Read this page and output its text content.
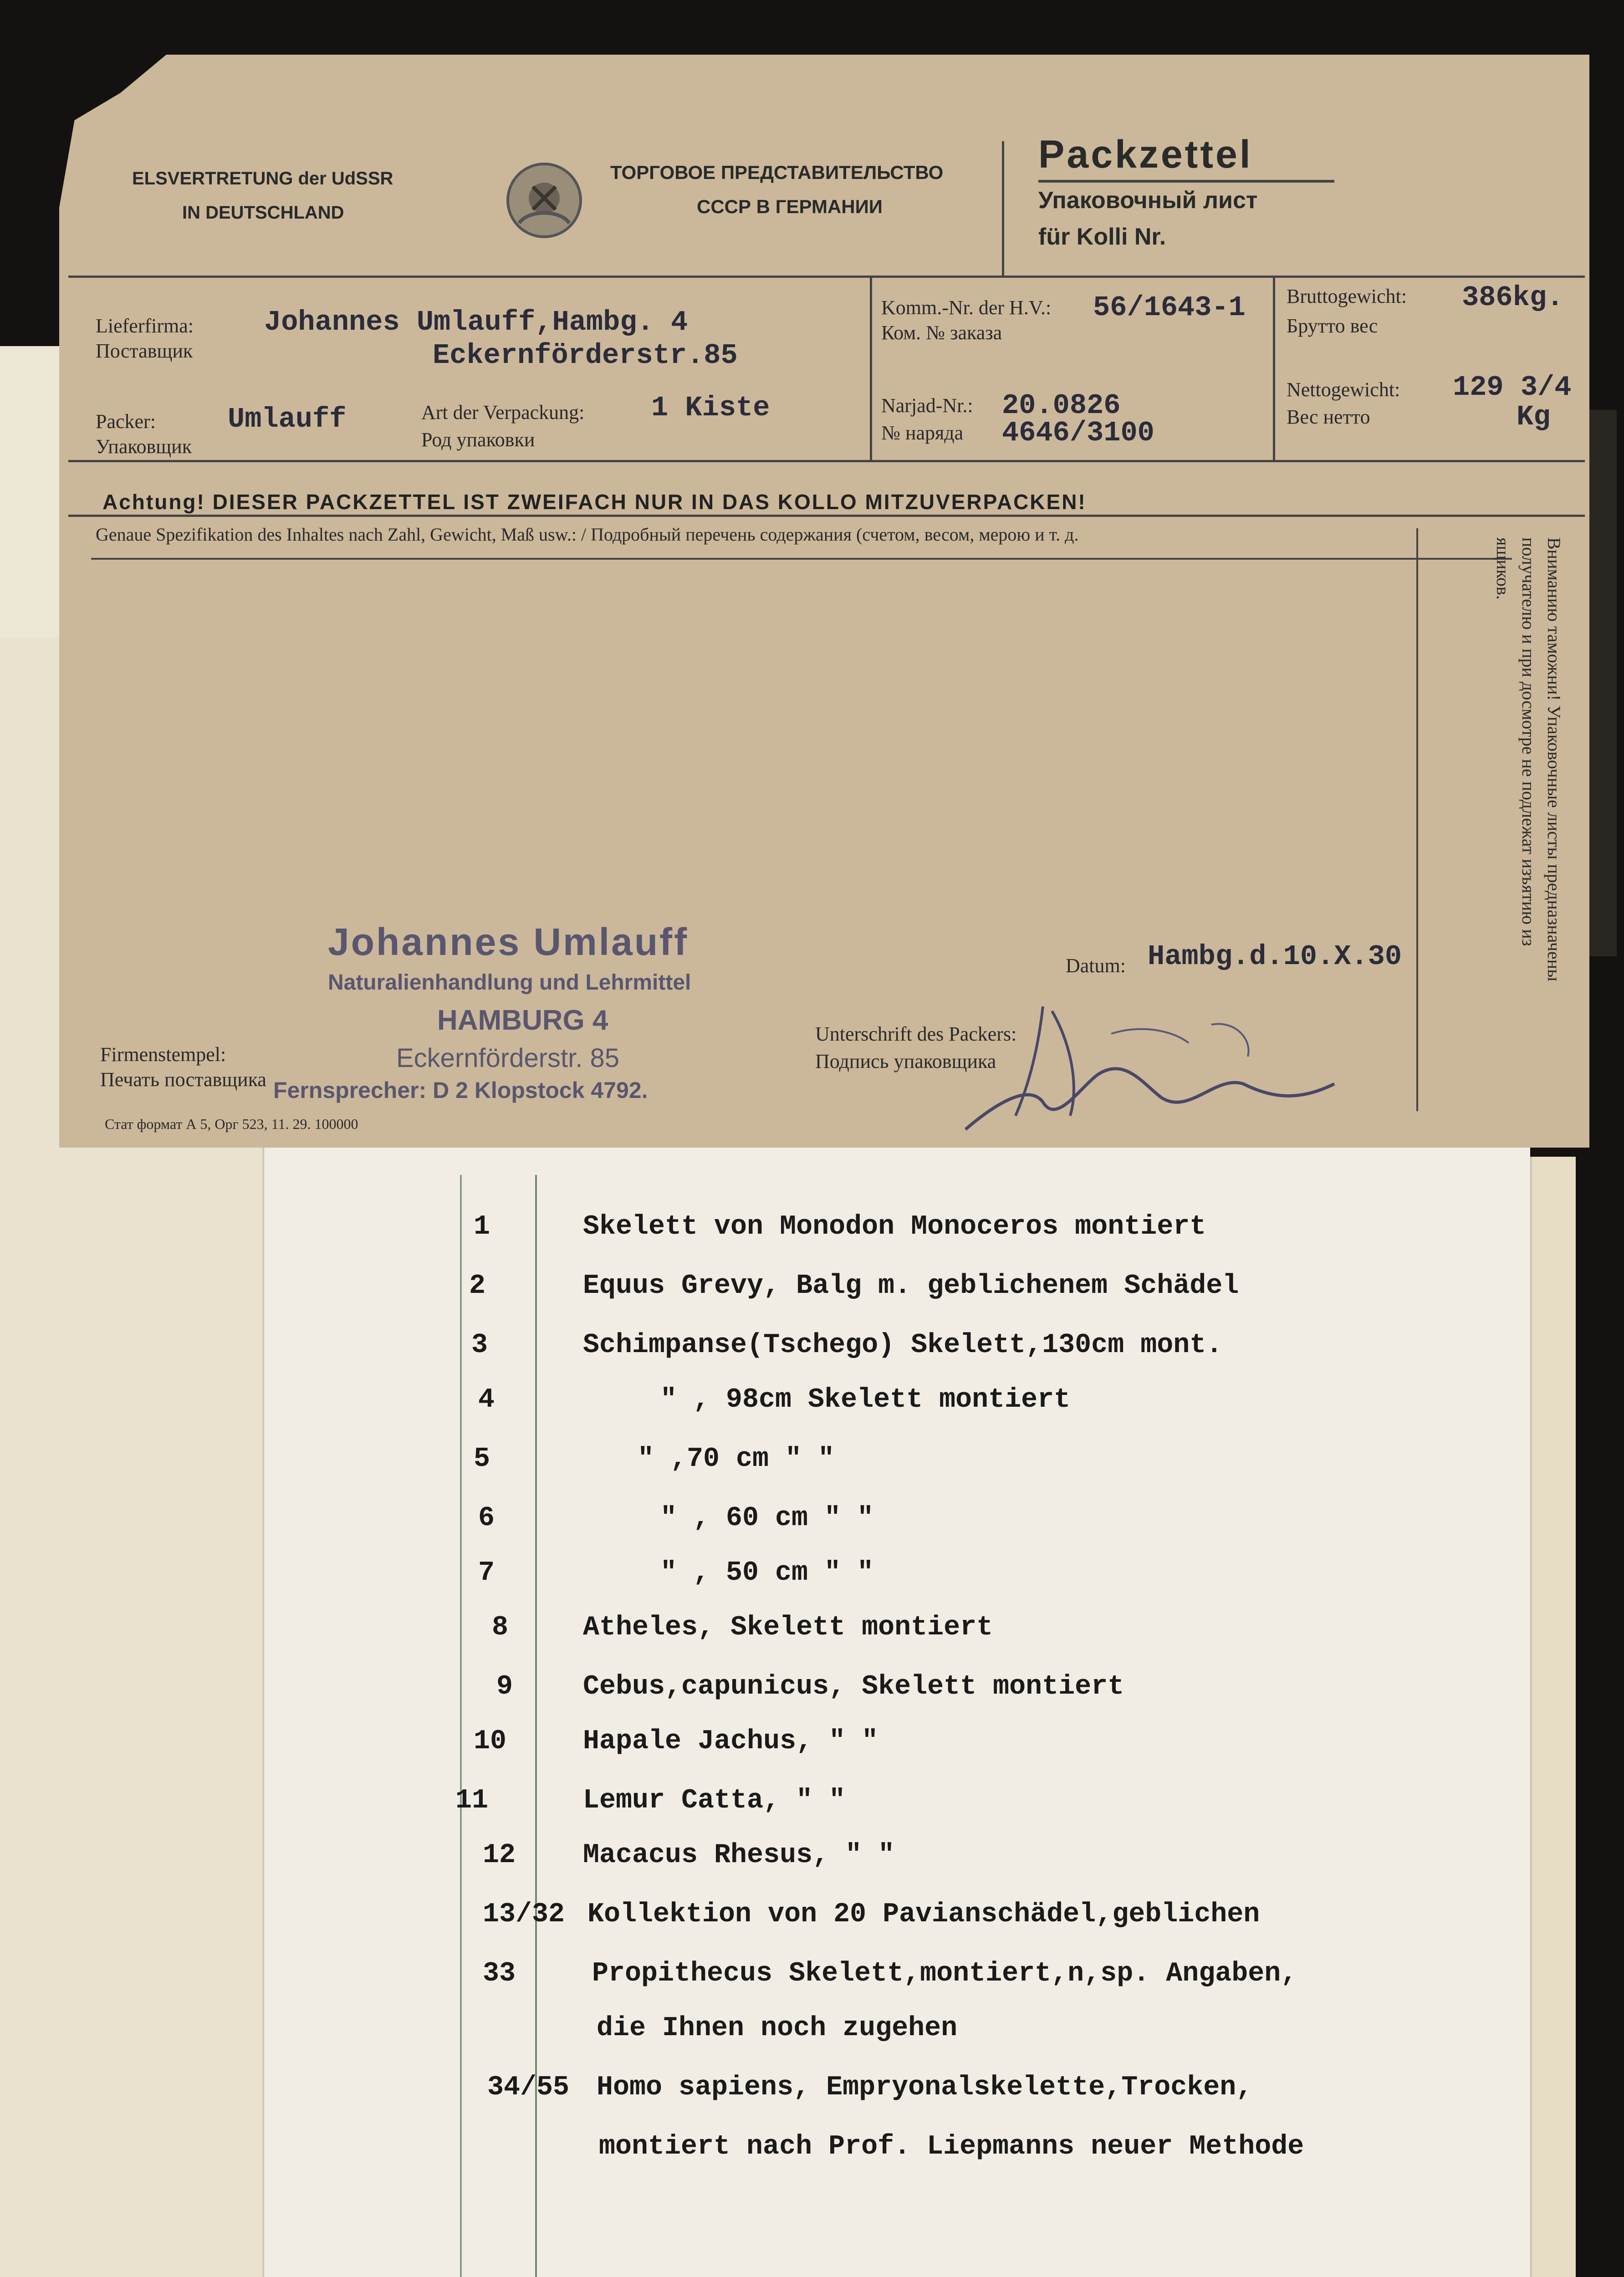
1	Skelett von Monodon Monoceros montiert
2	Equus Grevy, Balg m. geblichenem Schädel
3	Schimpanse(Tschego) Skelett,130cm mont.
4	" , 98cm Skelett montiert
5	" ,70 cm " "
6	" , 60 cm " "
7	" , 50 cm " "
8	Atheles, Skelett montiert
9	Cebus,capunicus, Skelett montiert
10	Hapale Jachus, " "
11	Lemur Catta, " "
12 Macacus Rhesus, " "
13/32 Kollektion von 20 Pavianschädel,geblichen
33	Propithecus Skelett,montiert,n,sp. Angaben,
die Ihnen noch zugehen
34/55 Homo sapiens, Empryonalskelette,Trocken,
montiert nach Prof. Liepmanns neuer Methode
ELSVERTRETUNG der UdSSR
IN DEUTSCHLAND
ТОРГОВОЕ ПРЕДСТАВИТЕЛЬСТВО
СССР В ГЕРМАНИИ
Packzettel
Упаковочный лист
für Kolli Nr.
Lieferfirma:
Поставщик
Johannes Umlauff,Hambg. 4
Eckernförderstr.85
Packer:
Упаковщик
Umlauff	Art der Verpackung:
Род упаковки
1 Kiste
Komm.-Nr. der H.V.:
Ком. № заказа
56/1643-1
Narjad-Nr.:
№ наряда
20.0826
4646/3100
Bruttogewicht:
Брутто вес
386kg.
Nettogewicht:
Вес нетто
129 3/4
Kg
Achtung! DIESER PACKZETTEL IST ZWEIFACH NUR IN DAS KOLLO MITZUVERPACKEN!
Genaue Spezifikation des Inhaltes nach Zahl, Gewicht, Maß usw.: / Подробный перечень содержания (счетом, весом, мерою и т. д.
Вниманию таможни! Упаковочные листы предназначены
получателю и при досмотре не подлежат изъятию из
ящиков.
Johannes Umlauff
Naturalienhandlung und Lehrmittel
HAMBURG 4
Eckernförderstr. 85
Fernsprecher: D 2 Klopstock 4792.
Firmenstempel:
Печать поставщика
Стат формат А 5, Орг 523, 11. 29. 100000
Datum: Hambg.d.10.X.30
Unterschrift des Packers:
Подпись упаковщика
